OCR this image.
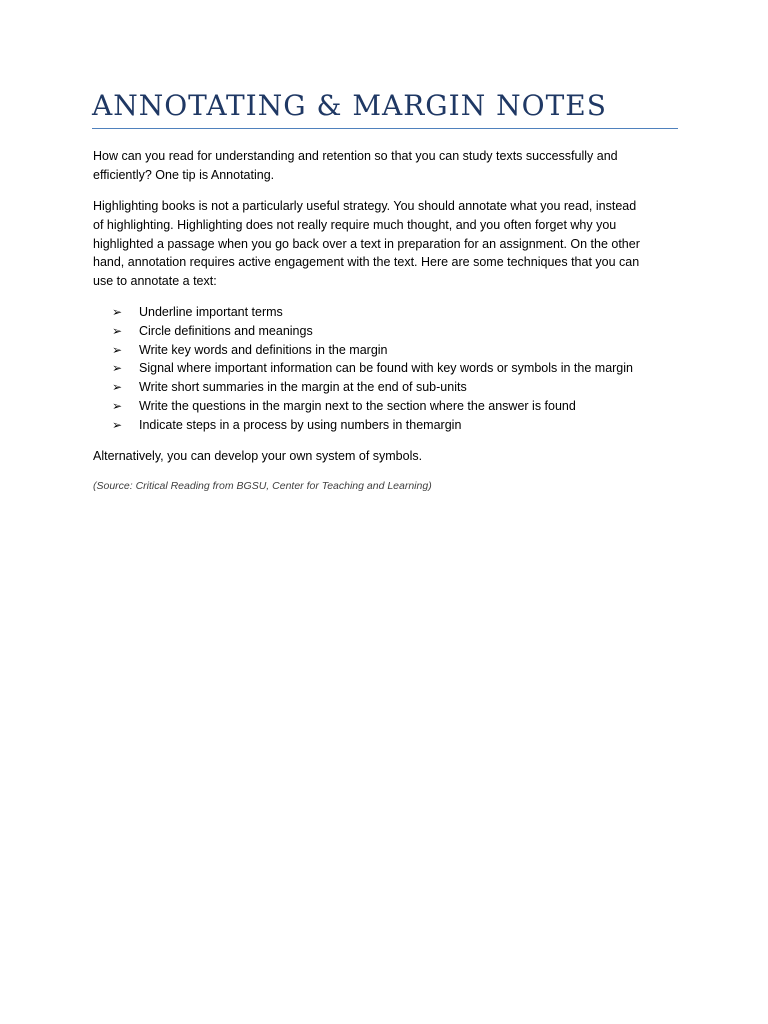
ANNOTATING & MARGIN NOTES

How can you read for understanding and retention so that you can study texts successfully and
efficiently? One tip is Annotating.

Highlighting books is not a particularly useful strategy. You should annotate what you read, instead
of highlighting. Highlighting does not really require much thought, and you often forget why you
highlighted a passage when you go back over a text in preparation for an assignment. On the other
hand, annotation requires active engagement with the text. Here are some techniques that you can
use to annotate a text:

➢	Underline important terms
➢	Circle definitions and meanings
➢	Write key words and definitions in the margin
➢	Signal where important information can be found with key words or symbols in the margin
➢	Write short summaries in the margin at the end of sub-units
➢	Write the questions in the margin next to the section where the answer is found
➢	Indicate steps in a process by using numbers in themargin

Alternatively, you can develop your own system of symbols.

(Source: Critical Reading from BGSU, Center for Teaching and Learning)
